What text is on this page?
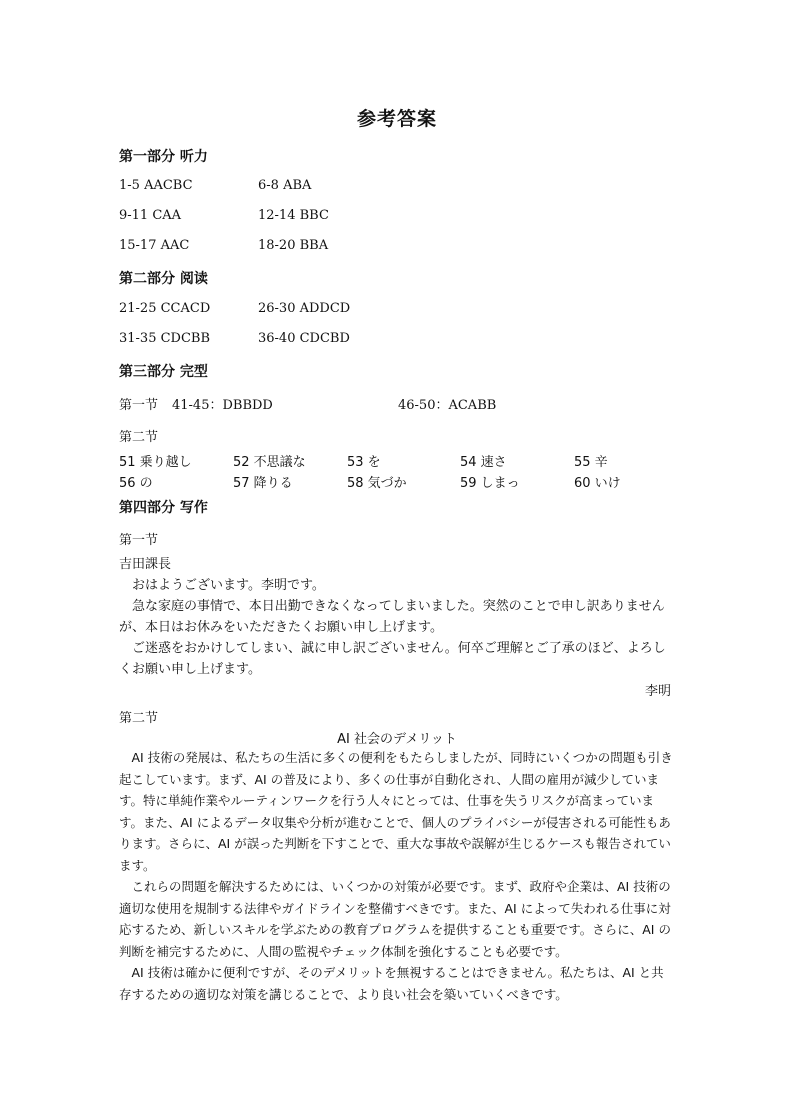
参考答案
第一部分 听力
1-5 AACBC	6-8 ABA
9-11 CAA	12-14 BBC
15-17 AAC	18-20 BBA
第二部分 阅读
21-25 CCACD	26-30 ADDCD
31-35 CDCBB	36-40 CDCBD
第三部分 完型
第一节 41-45：DBBDD	46-50：ACABB
第二节
51 乗り越し	52 不思議な	53 を	54 速さ	55 辛
56 の	57 降りる	58 気づか	59 しまっ	60 いけ
第四部分 写作
第一节
吉田課長

おはようございます。李明です。

急な家庭の事情で、本日出勤できなくなってしまいました。突然のことで申し訳ありませんが、本日はお休みをいただきたくお願い申し上げます。

ご迷惑をおかけしてしまい、誠に申し訳ございません。何卒ご理解とご了承のほど、よろしくお願い申し上げます。

李明
第二节
AI 社会のデメリット

AI 技術の発展は、私たちの生活に多くの便利をもたらしましたが、同時にいくつかの問題も引き起こしています。まず、AI の普及により、多くの仕事が自動化され、人間の雇用が減少しています。特に単純作業やルーティンワークを行う人々にとっては、仕事を失うリスクが高まっています。また、AI によるデータ収集や分析が進むことで、個人のプライバシーが侵害される可能性もあります。さらに、AI が誤った判断を下すことで、重大な事故や誤解が生じるケースも報告されています。

これらの問題を解決するためには、いくつかの対策が必要です。まず、政府や企業は、AI 技術の適切な使用を規制する法律やガイドラインを整備すべきです。また、AI によって失われる仕事に対応するため、新しいスキルを学ぶための教育プログラムを提供することも重要です。さらに、AI の判断を補完するために、人間の監視やチェック体制を強化することも必要です。

AI 技術は確かに便利ですが、そのデメリットを無視することはできません。私たちは、AI と共存するための適切な対策を講じることで、より良い社会を築いていくべきです。
